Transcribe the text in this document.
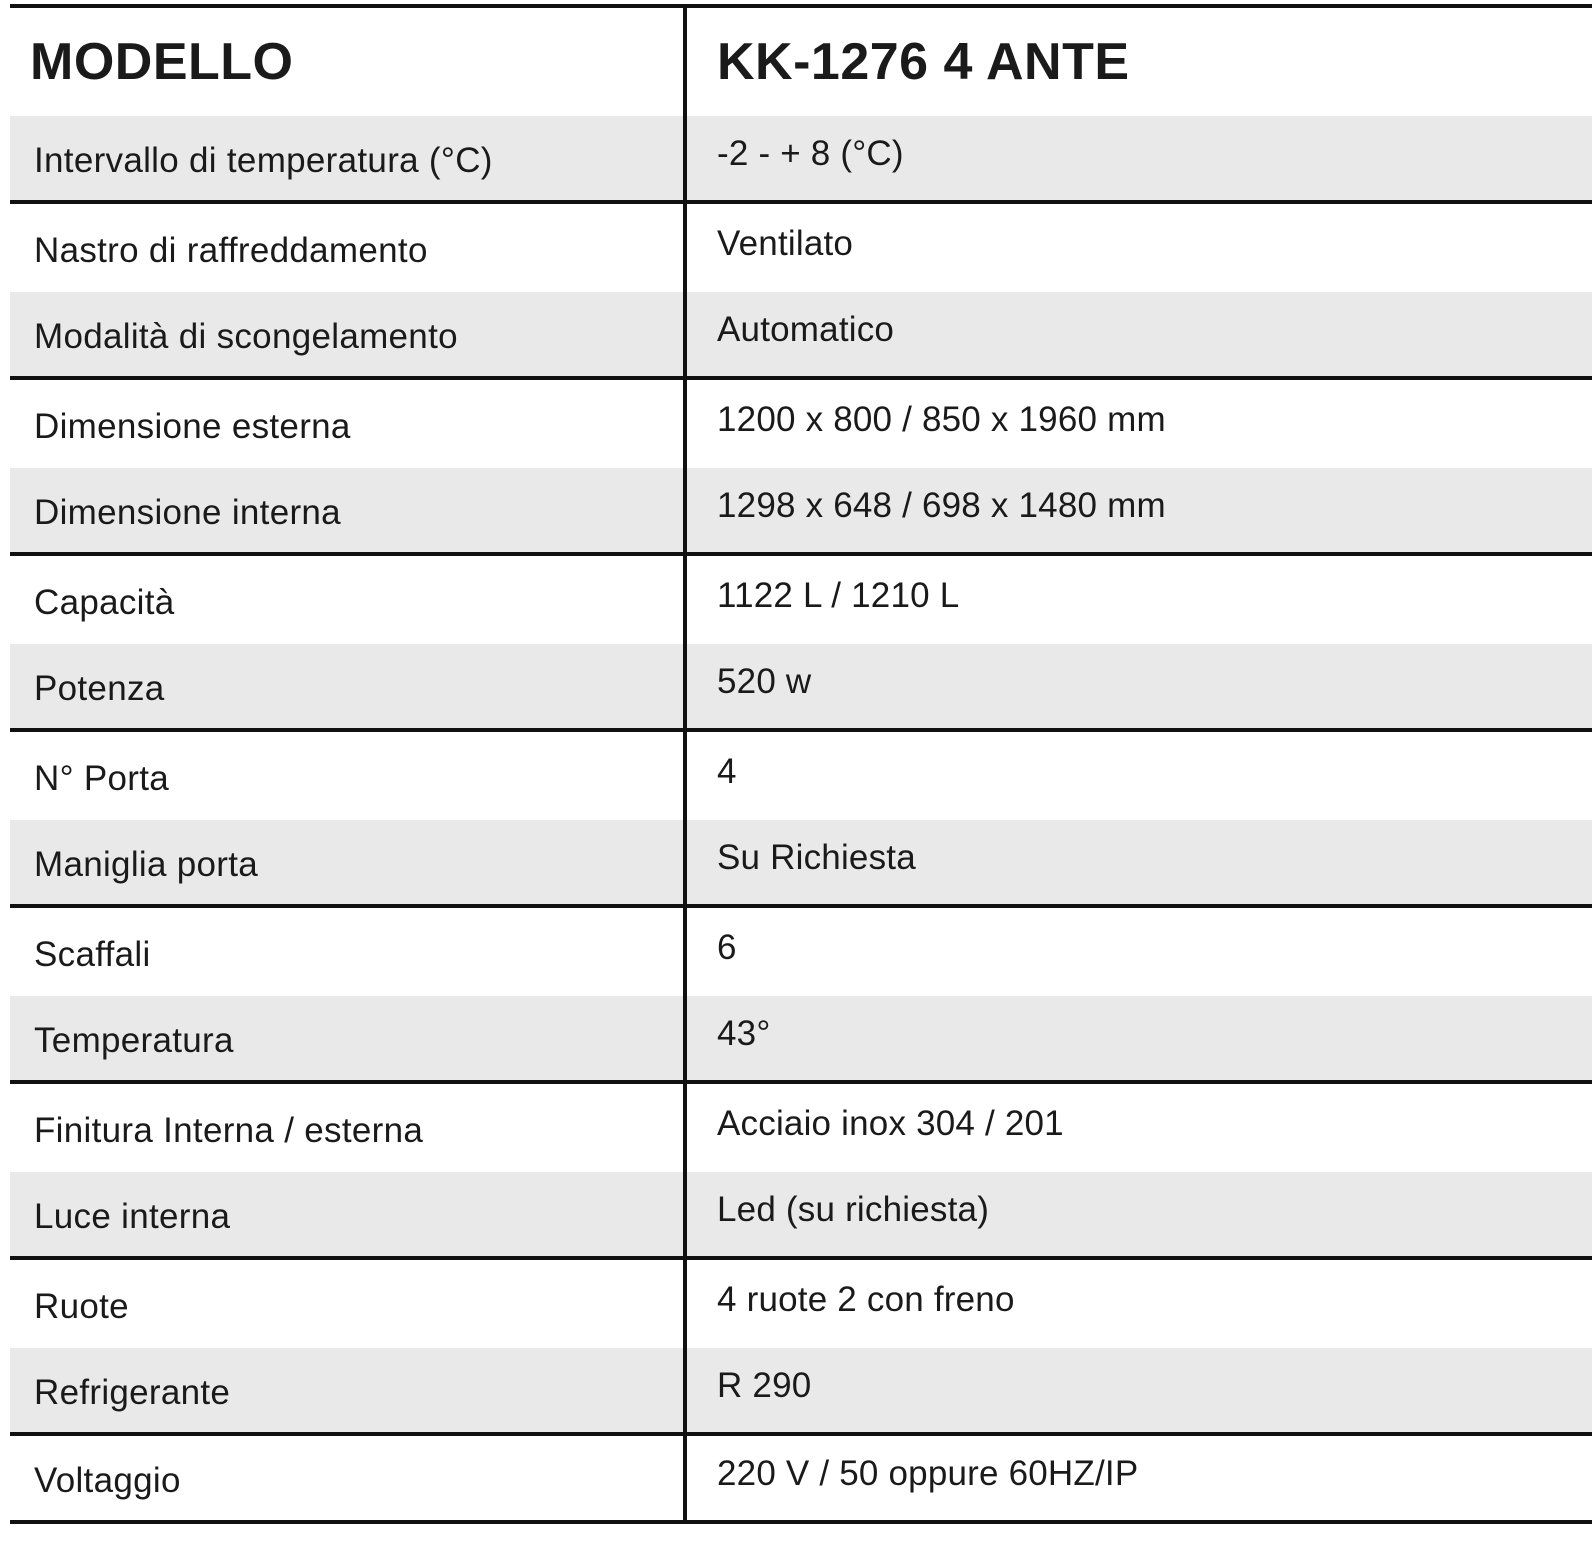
MODELLO	KK-1276 4 ANTE
Intervallo di temperatura (°C)	-2 - + 8 (°C)
Nastro di raffreddamento	Ventilato
Modalità di scongelamento	Automatico
Dimensione esterna	1200 x 800 / 850 x 1960 mm
Dimensione interna	1298 x 648 / 698 x 1480 mm
Capacità	1122 L / 1210 L
Potenza	520 w
N° Porta	4
Maniglia porta	Su Richiesta
Scaffali	6
Temperatura	43°
Finitura Interna / esterna	Acciaio inox 304 / 201
Luce interna	Led (su richiesta)
Ruote	4 ruote 2 con freno
Refrigerante	R 290
Voltaggio	220 V / 50 oppure 60HZ/IP
